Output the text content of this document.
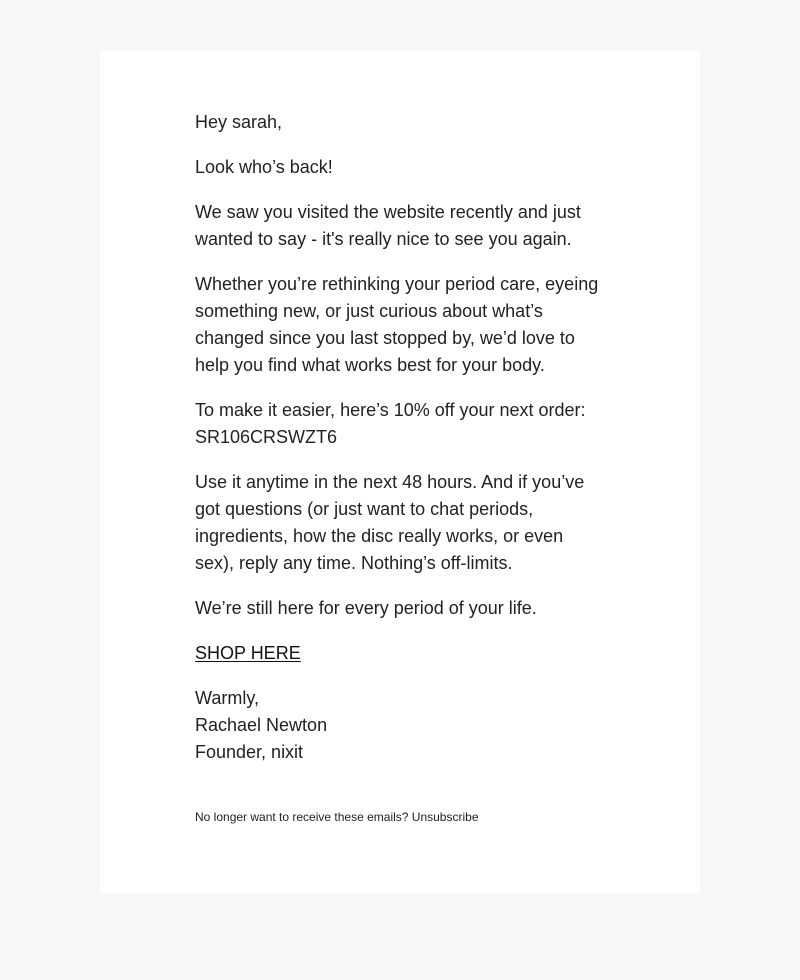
Hey sarah,

Look who’s back!

We saw you visited the website recently and just
wanted to say - it's really nice to see you again.

Whether you’re rethinking your period care, eyeing
something new, or just curious about what’s
changed since you last stopped by, we’d love to
help you find what works best for your body.

To make it easier, here’s 10% off your next order:
SR106CRSWZT6

Use it anytime in the next 48 hours. And if you’ve
got questions (or just want to chat periods,
ingredients, how the disc really works, or even
sex), reply any time. Nothing’s off-limits.

We’re still here for every period of your life.

SHOP HERE

Warmly,
Rachael Newton
Founder, nixit

No longer want to receive these emails? Unsubscribe
